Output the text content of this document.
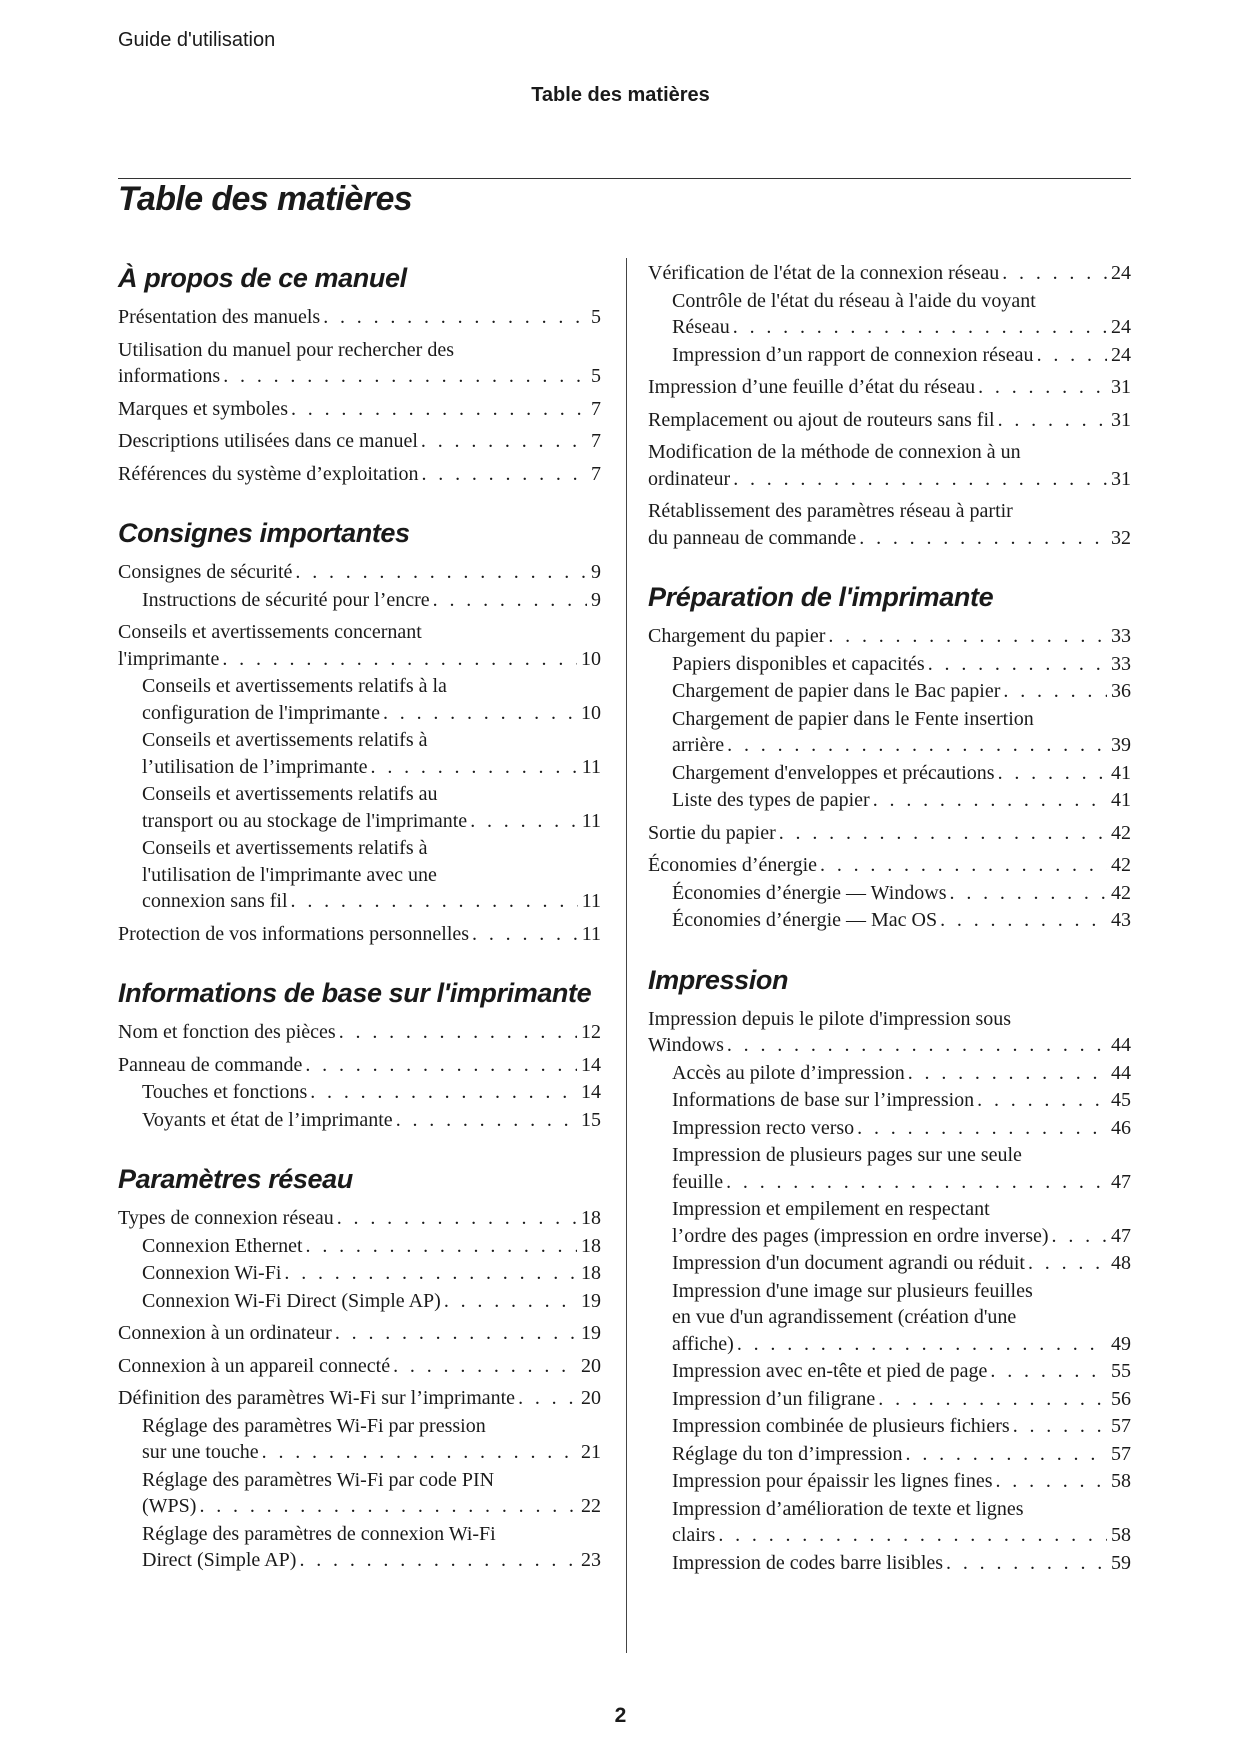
Guide d'utilisation
Table des matières
Table des matières
À propos de ce manuel
Présentation des manuels . . .	5
Utilisation du manuel pour rechercher des
informations . . .	5
Marques et symboles . . .	7
Descriptions utilisées dans ce manuel . . .	7
Références du système d’exploitation . . .	7
Consignes importantes
Consignes de sécurité . . .	9
Instructions de sécurité pour l’encre . . .	9
Conseils et avertissements concernant
l'imprimante . . .	10
Conseils et avertissements relatifs à la
configuration de l'imprimante . . .	10
Conseils et avertissements relatifs à
l’utilisation de l’imprimante . . .	11
Conseils et avertissements relatifs au
transport ou au stockage de l'imprimante . . .	11
Conseils et avertissements relatifs à
l'utilisation de l'imprimante avec une
connexion sans fil . . .	11
Protection de vos informations personnelles . . .	11
Informations de base sur l'imprimante
Nom et fonction des pièces . . .	12
Panneau de commande . . .	14
Touches et fonctions . . .	14
Voyants et état de l’imprimante . . .	15
Paramètres réseau
Types de connexion réseau . . .	18
Connexion Ethernet . . .	18
Connexion Wi-Fi . . .	18
Connexion Wi-Fi Direct (Simple AP) . . .	19
Connexion à un ordinateur . . .	19
Connexion à un appareil connecté . . .	20
Définition des paramètres Wi-Fi sur l’imprimante . . .	20
Réglage des paramètres Wi-Fi par pression
sur une touche . . .	21
Réglage des paramètres Wi-Fi par code PIN
(WPS) . . .	22
Réglage des paramètres de connexion Wi-Fi
Direct (Simple AP) . . .	23
Vérification de l'état de la connexion réseau . . .	24
Contrôle de l'état du réseau à l'aide du voyant
Réseau . . .	24
Impression d’un rapport de connexion réseau . . .	24
Impression d’une feuille d’état du réseau . . .	31
Remplacement ou ajout de routeurs sans fil . . .	31
Modification de la méthode de connexion à un
ordinateur . . .	31
Rétablissement des paramètres réseau à partir
du panneau de commande . . .	32
Préparation de l'imprimante
Chargement du papier . . .	33
Papiers disponibles et capacités . . .	33
Chargement de papier dans le Bac papier . . .	36
Chargement de papier dans le Fente insertion
arrière . . .	39
Chargement d'enveloppes et précautions . . .	41
Liste des types de papier . . .	41
Sortie du papier . . .	42
Économies d’énergie . . .	42
Économies d’énergie — Windows . . .	42
Économies d’énergie — Mac OS . . .	43
Impression
Impression depuis le pilote d'impression sous
Windows . . .	44
Accès au pilote d’impression . . .	44
Informations de base sur l’impression . . .	45
Impression recto verso . . .	46
Impression de plusieurs pages sur une seule
feuille . . .	47
Impression et empilement en respectant
l’ordre des pages (impression en ordre inverse) . . .	47
Impression d'un document agrandi ou réduit . . .	48
Impression d'une image sur plusieurs feuilles
en vue d'un agrandissement (création d'une
affiche) . . .	49
Impression avec en-tête et pied de page . . .	55
Impression d’un filigrane . . .	56
Impression combinée de plusieurs fichiers . . .	57
Réglage du ton d’impression . . .	57
Impression pour épaissir les lignes fines . . .	58
Impression d’amélioration de texte et lignes
clairs . . .	58
Impression de codes barre lisibles . . .	59
2
